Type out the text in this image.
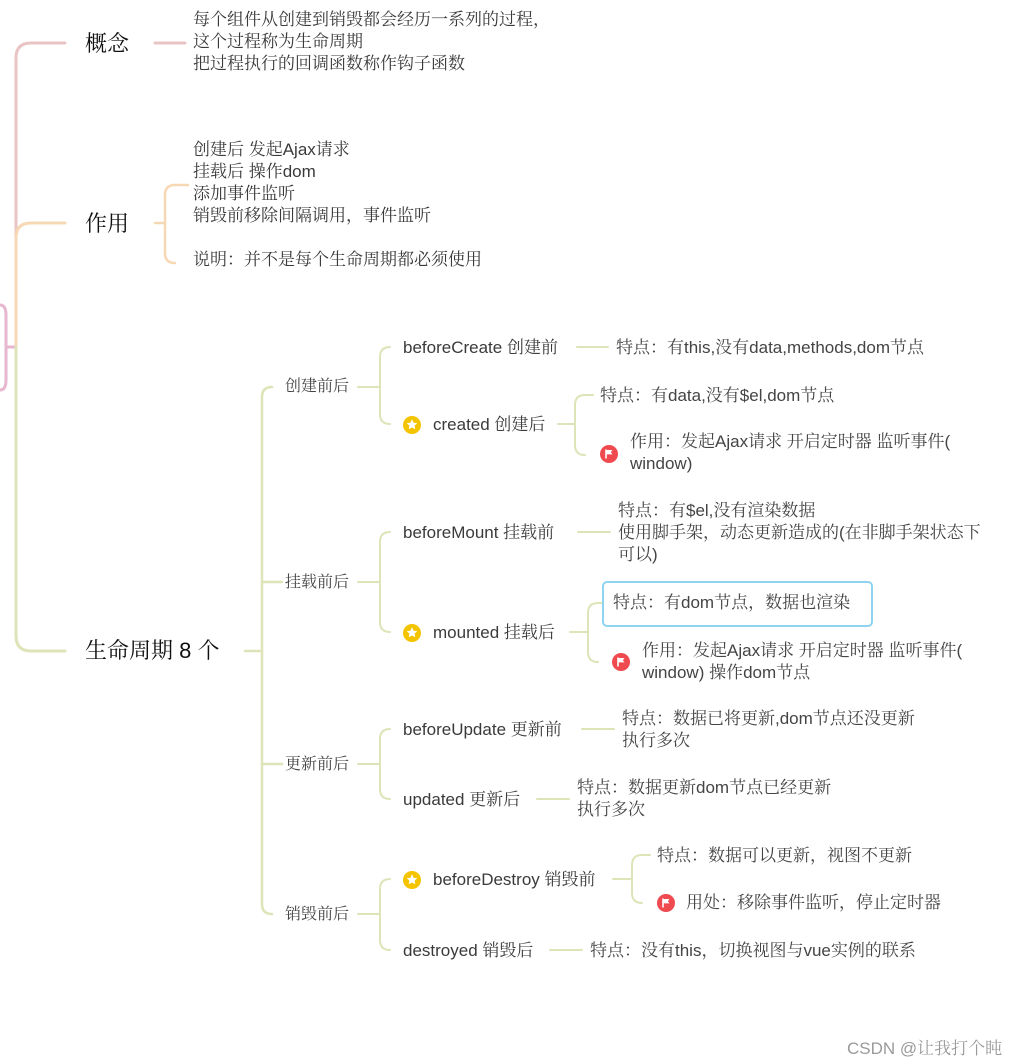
概念
每个组件从创建到销毁都会经历一系列的过程，
这个过程称为生命周期
把过程执行的回调函数称作钩子函数
作用
创建后 发起Ajax请求
挂载后 操作dom
添加事件监听
销毁前移除间隔调用，事件监听
说明：并不是每个生命周期都必须使用
生命周期 8 个
创建前后
挂载前后
更新前后
销毁前后
beforeCreate 创建前
created 创建后
beforeMount 挂载前
mounted 挂载后
beforeUpdate 更新前
updated 更新后
beforeDestroy 销毁前
destroyed 销毁后
特点：有this,没有data,methods,dom节点
特点：有data,没有$el,dom节点
作用：发起Ajax请求 开启定时器 监听事件(
window)
特点：有$el,没有渲染数据
使用脚手架，动态更新造成的(在非脚手架状态下
可以)
特点：有dom节点，数据也渲染
作用：发起Ajax请求 开启定时器 监听事件(
window) 操作dom节点
特点：数据已将更新,dom节点还没更新
执行多次
特点：数据更新dom节点已经更新
执行多次
特点：数据可以更新，视图不更新
用处：移除事件监听，停止定时器
特点：没有this，切换视图与vue实例的联系
CSDN @让我打个盹
